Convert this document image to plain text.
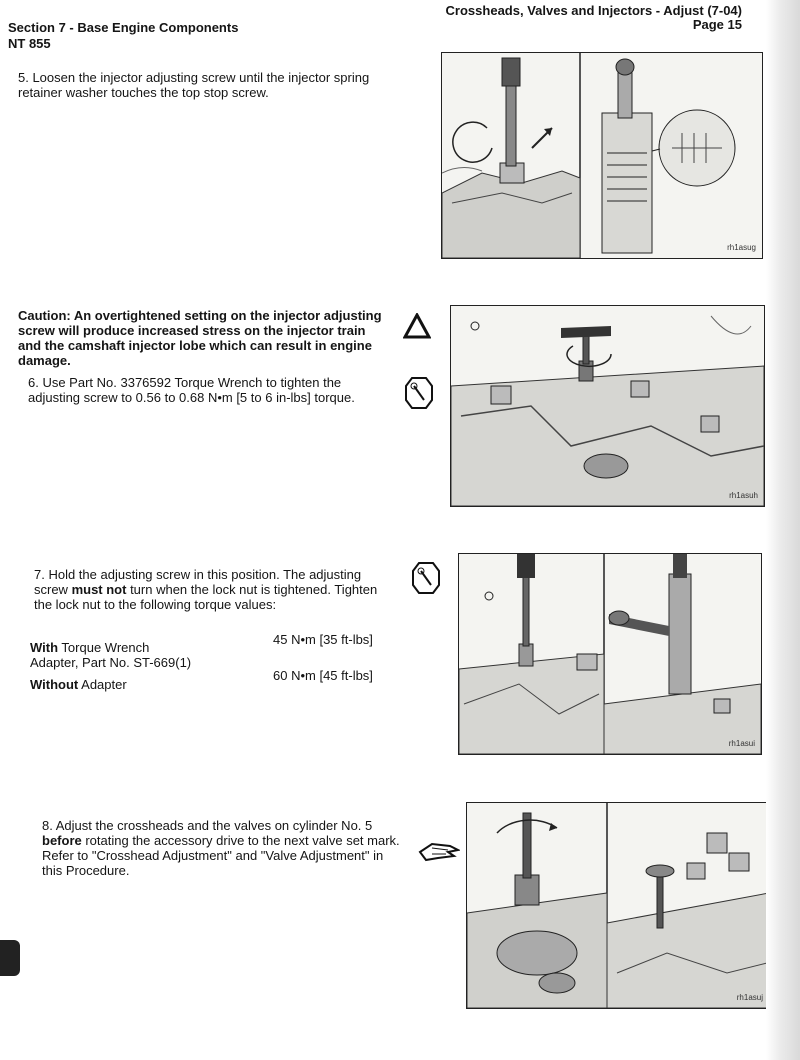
Section 7 - Base Engine Components
NT 855
Crossheads, Valves and Injectors - Adjust (7-04)
Page 15
5. Loosen the injector adjusting screw until the injector spring retainer washer touches the top stop screw.
rh1asug
Caution: An overtightened setting on the injector adjusting screw will produce increased stress on the injector train and the camshaft injector lobe which can result in engine damage.
6. Use Part No. 3376592 Torque Wrench to tighten the adjusting screw to 0.56 to 0.68 N•m [5 to 6 in-lbs] torque.
rh1asuh
7. Hold the adjusting screw in this position. The adjusting screw must not turn when the lock nut is tightened. Tighten the lock nut to the following torque values:
With Torque Wrench
Adapter, Part No. ST-669(1)
45 N•m [35 ft-lbs]
Without Adapter
60 N•m [45 ft-lbs]
rh1asui
8. Adjust the crossheads and the valves on cylinder No. 5 before rotating the accessory drive to the next valve set mark. Refer to "Crosshead Adjustment" and "Valve Adjustment" in this Procedure.
rh1asuj
